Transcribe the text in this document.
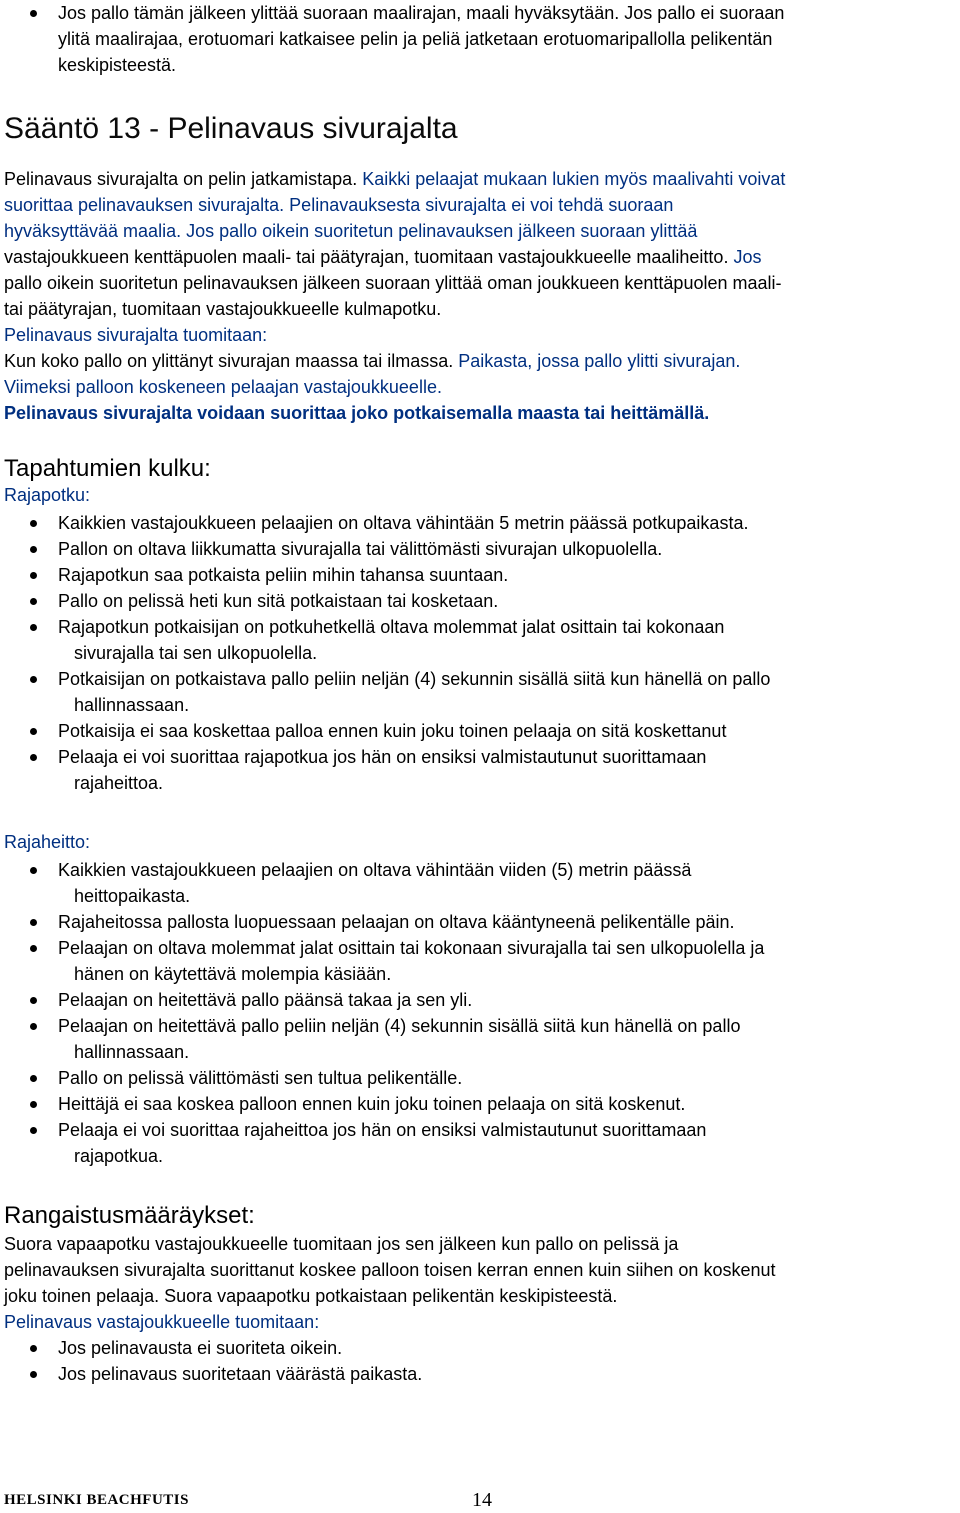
Jos pallo tämän jälkeen ylittää suoraan maalirajan, maali hyväksytään. Jos pallo ei suoraan
ylitä maalirajaa, erotuomari katkaisee pelin ja peliä jatketaan erotuomaripallolla pelikentän
keskipisteestä.
Sääntö 13 - Pelinavaus sivurajalta

Pelinavaus sivurajalta on pelin jatkamistapa. Kaikki pelaajat mukaan lukien myös maalivahti voivat
suorittaa pelinavauksen sivurajalta. Pelinavauksesta sivurajalta ei voi tehdä suoraan
hyväksyttävää maalia. Jos pallo oikein suoritetun pelinavauksen jälkeen suoraan ylittää
vastajoukkueen kenttäpuolen maali- tai päätyrajan, tuomitaan vastajoukkueelle maaliheitto. Jos
pallo oikein suoritetun pelinavauksen jälkeen suoraan ylittää oman joukkueen kenttäpuolen maali-
tai päätyrajan, tuomitaan vastajoukkueelle kulmapotku.

Pelinavaus sivurajalta tuomitaan:

Kun koko pallo on ylittänyt sivurajan maassa tai ilmassa. Paikasta, jossa pallo ylitti sivurajan.
Viimeksi palloon koskeneen pelaajan vastajoukkueelle.

Pelinavaus sivurajalta voidaan suorittaa joko potkaisemalla maasta tai heittämällä.

Tapahtumien kulku:

Rajapotku:

Kaikkien vastajoukkueen pelaajien on oltava vähintään 5 metrin päässä potkupaikasta.
Pallon on oltava liikkumatta sivurajalla tai välittömästi sivurajan ulkopuolella.
Rajapotkun saa potkaista peliin mihin tahansa suuntaan.
Pallo on pelissä heti kun sitä potkaistaan tai kosketaan.
Rajapotkun potkaisijan on potkuhetkellä oltava molemmat jalat osittain tai kokonaan
sivurajalla tai sen ulkopuolella.
Potkaisijan on potkaistava pallo peliin neljän (4) sekunnin sisällä siitä kun hänellä on pallo
hallinnassaan.
Potkaisija ei saa koskettaa palloa ennen kuin joku toinen pelaaja on sitä koskettanut
Pelaaja ei voi suorittaa rajapotkua jos hän on ensiksi valmistautunut suorittamaan
rajaheittoa.

Rajaheitto:

Kaikkien vastajoukkueen pelaajien on oltava vähintään viiden (5) metrin päässä
heittopaikasta.
Rajaheitossa pallosta luopuessaan pelaajan on oltava kääntyneenä pelikentälle päin.
Pelaajan on oltava molemmat jalat osittain tai kokonaan sivurajalla tai sen ulkopuolella ja
hänen on käytettävä molempia käsiään.
Pelaajan on heitettävä pallo päänsä takaa ja sen yli.
Pelaajan on heitettävä pallo peliin neljän (4) sekunnin sisällä siitä kun hänellä on pallo
hallinnassaan.
Pallo on pelissä välittömästi sen tultua pelikentälle.
Heittäjä ei saa koskea palloon ennen kuin joku toinen pelaaja on sitä koskenut.
Pelaaja ei voi suorittaa rajaheittoa jos hän on ensiksi valmistautunut suorittamaan
rajapotkua.
Rangaistusmääräykset:

Suora vapaapotku vastajoukkueelle tuomitaan jos sen jälkeen kun pallo on pelissä ja
pelinavauksen sivurajalta suorittanut koskee palloon toisen kerran ennen kuin siihen on koskenut
joku toinen pelaaja. Suora vapaapotku potkaistaan pelikentän keskipisteestä.

Pelinavaus vastajoukkueelle tuomitaan:

Jos pelinavausta ei suoriteta oikein.
Jos pelinavaus suoritetaan väärästä paikasta.
HELSINKI BEACHFUTIS	14
